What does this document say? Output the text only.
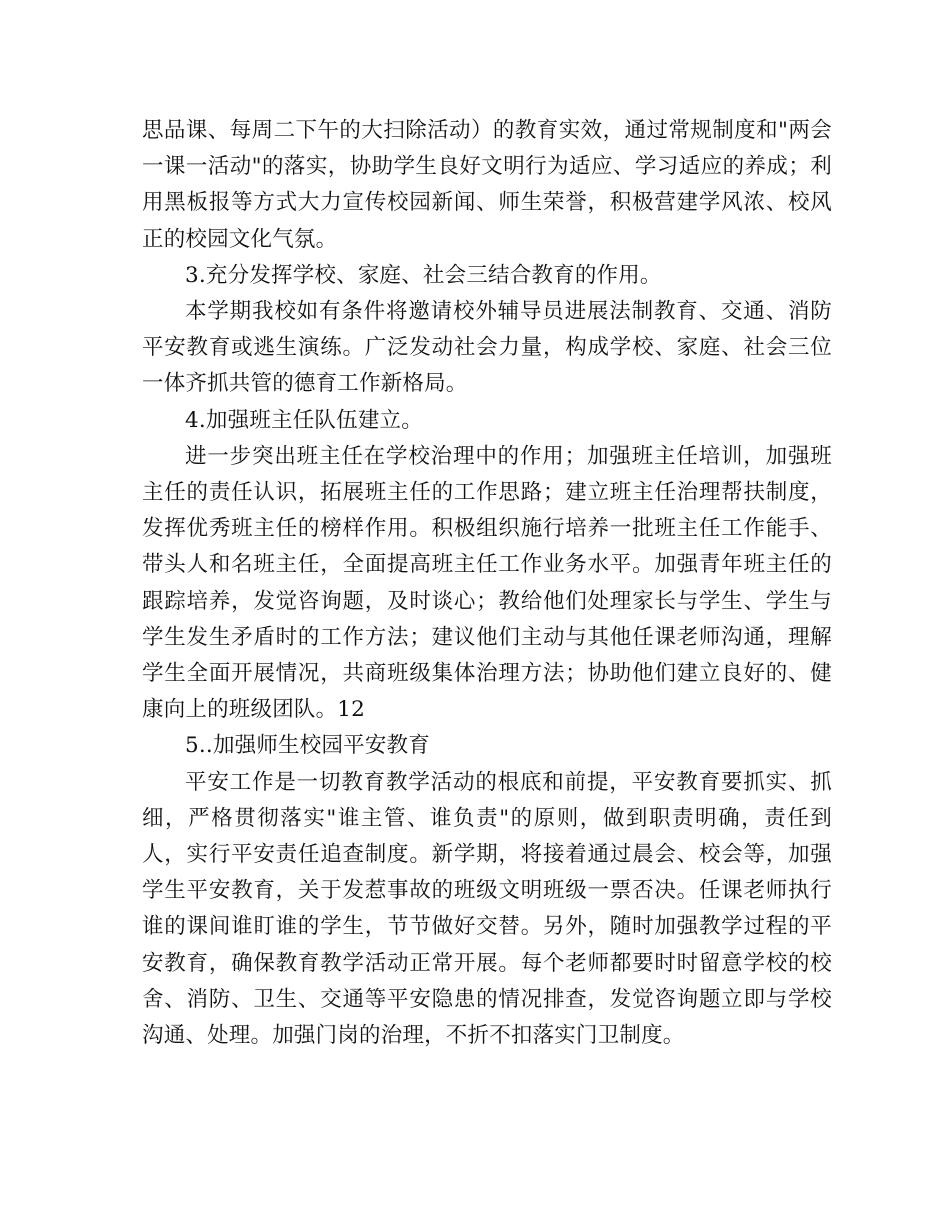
思品课、每周二下午的大扫除活动）的教育实效，通过常规制度和"两会一课一活动"的落实，协助学生良好文明行为适应、学习适应的养成；利用黑板报等方式大力宣传校园新闻、师生荣誉，积极营建学风浓、校风正的校园文化气氛。

3.充分发挥学校、家庭、社会三结合教育的作用。

本学期我校如有条件将邀请校外辅导员进展法制教育、交通、消防平安教育或逃生演练。广泛发动社会力量，构成学校、家庭、社会三位一体齐抓共管的德育工作新格局。

4.加强班主任队伍建立。

进一步突出班主任在学校治理中的作用；加强班主任培训，加强班主任的责任认识，拓展班主任的工作思路；建立班主任治理帮扶制度，发挥优秀班主任的榜样作用。积极组织施行培养一批班主任工作能手、带头人和名班主任，全面提高班主任工作业务水平。加强青年班主任的跟踪培养，发觉咨询题，及时谈心；教给他们处理家长与学生、学生与学生发生矛盾时的工作方法；建议他们主动与其他任课老师沟通，理解学生全面开展情况，共商班级集体治理方法；协助他们建立良好的、健康向上的班级团队。12

5..加强师生校园平安教育

平安工作是一切教育教学活动的根底和前提，平安教育要抓实、抓细，严格贯彻落实"谁主管、谁负责"的原则，做到职责明确，责任到人，实行平安责任追查制度。新学期，将接着通过晨会、校会等，加强学生平安教育，关于发惹事故的班级文明班级一票否决。任课老师执行谁的课间谁盯谁的学生，节节做好交替。另外，随时加强教学过程的平安教育，确保教育教学活动正常开展。每个老师都要时时留意学校的校舍、消防、卫生、交通等平安隐患的情况排查，发觉咨询题立即与学校沟通、处理。加强门岗的治理，不折不扣落实门卫制度。
